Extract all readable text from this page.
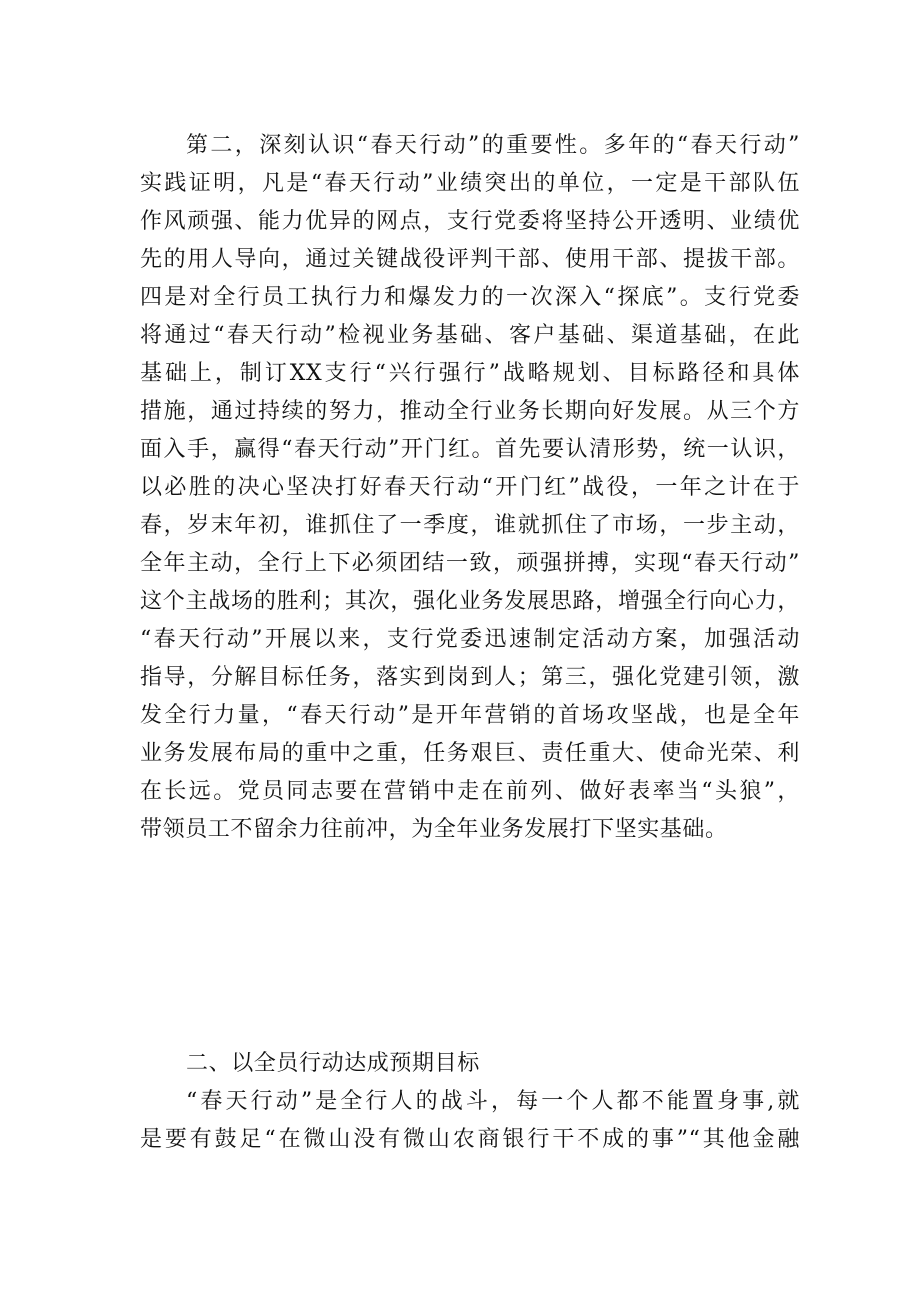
第二，深刻认识“春天行动”的重要性。多年的“春天行动”
实践证明，凡是“春天行动”业绩突出的单位，一定是干部队伍
作风顽强、能力优异的网点，支行党委将坚持公开透明、业绩优
先的用人导向，通过关键战役评判干部、使用干部、提拔干部。
四是对全行员工执行力和爆发力的一次深入“探底”。支行党委
将通过“春天行动”检视业务基础、客户基础、渠道基础，在此
基础上，制订XX支行“兴行强行”战略规划、目标路径和具体
措施，通过持续的努力，推动全行业务长期向好发展。从三个方
面入手，赢得“春天行动”开门红。首先要认清形势，统一认识，
以必胜的决心坚决打好春天行动“开门红”战役，一年之计在于
春，岁末年初，谁抓住了一季度，谁就抓住了市场，一步主动，
全年主动，全行上下必须团结一致，顽强拼搏，实现“春天行动”
这个主战场的胜利；其次，强化业务发展思路，增强全行向心力，
“春天行动”开展以来，支行党委迅速制定活动方案，加强活动
指导，分解目标任务，落实到岗到人；第三，强化党建引领，激
发全行力量，“春天行动”是开年营销的首场攻坚战，也是全年
业务发展布局的重中之重，任务艰巨、责任重大、使命光荣、利
在长远。党员同志要在营销中走在前列、做好表率当“头狼”，
带领员工不留余力往前冲，为全年业务发展打下坚实基础。
二、以全员行动达成预期目标
“春天行动”是全行人的战斗，每一个人都不能置身事,就
是要有鼓足“在微山没有微山农商银行干不成的事”“其他金融
